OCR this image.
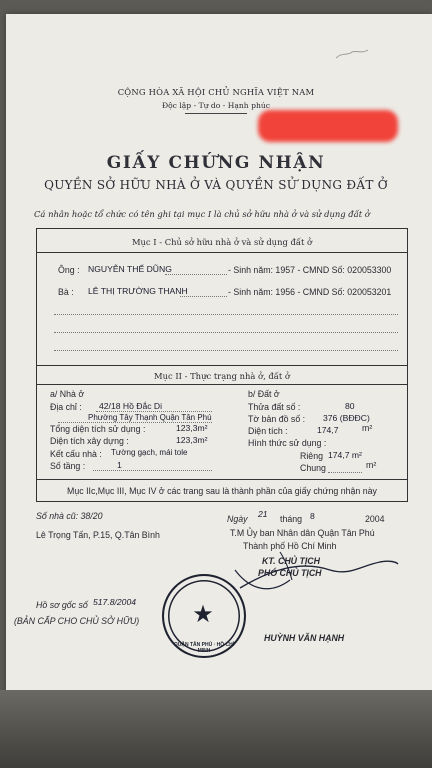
CỘNG HÒA XÃ HỘI CHỦ NGHĨA VIỆT NAM
Độc lập - Tự do - Hạnh phúc
GIẤY CHỨNG NHẬN
QUYỀN SỞ HỮU NHÀ Ở VÀ QUYỀN SỬ DỤNG ĐẤT Ở
Cá nhân hoặc tổ chức có tên ghi tại mục I là chủ sở hữu nhà ở và sử dụng đất ở
Mục I - Chủ sở hữu nhà ở và sử dụng đất ở
Ông : NGUYỄN THẾ DŨNG	- Sinh năm: 1957 - CMND Số: 020053300
Bà : LÊ THỊ TRƯỜNG THANH	- Sinh năm: 1956 - CMND Số: 020053201
Mục II - Thực trạng nhà ở, đất ở
a/ Nhà ở
Địa chỉ : 42/18 Hồ Đắc Di
Phường Tây Thạnh Quận Tân Phú
Tổng diện tích sử dụng :	123,3m²
Diện tích xây dựng :	123,3m²
Kết cấu nhà : Tường gạch, mái tole
Số tầng :	1
b/ Đất ở
Thửa đất số :	80
Tờ bản đồ số : 376 (BĐĐC)
Diện tích :	174,7	m²
Hình thức sử dụng :
Riêng 174,7 m²
Chung	m²
Mục IIc,Mục III, Mục IV ở các trang sau là thành phần của giấy chứng nhận này
Số nhà cũ: 38/20
Lê Trọng Tấn, P.15, Q.Tân Bình
Ngày 21 tháng 8	2004
T.M Ủy ban Nhân dân Quận Tân Phú
Thành phố Hồ Chí Minh
KT. CHỦ TỊCH
PHÓ CHỦ TỊCH
Hồ sơ gốc số 517.8/2004
(BẢN CẤP CHO CHỦ SỞ HỮU)
HUỲNH VĂN HẠNH
★
QUẬN TÂN PHÚ · HỒ CHÍ MINH
